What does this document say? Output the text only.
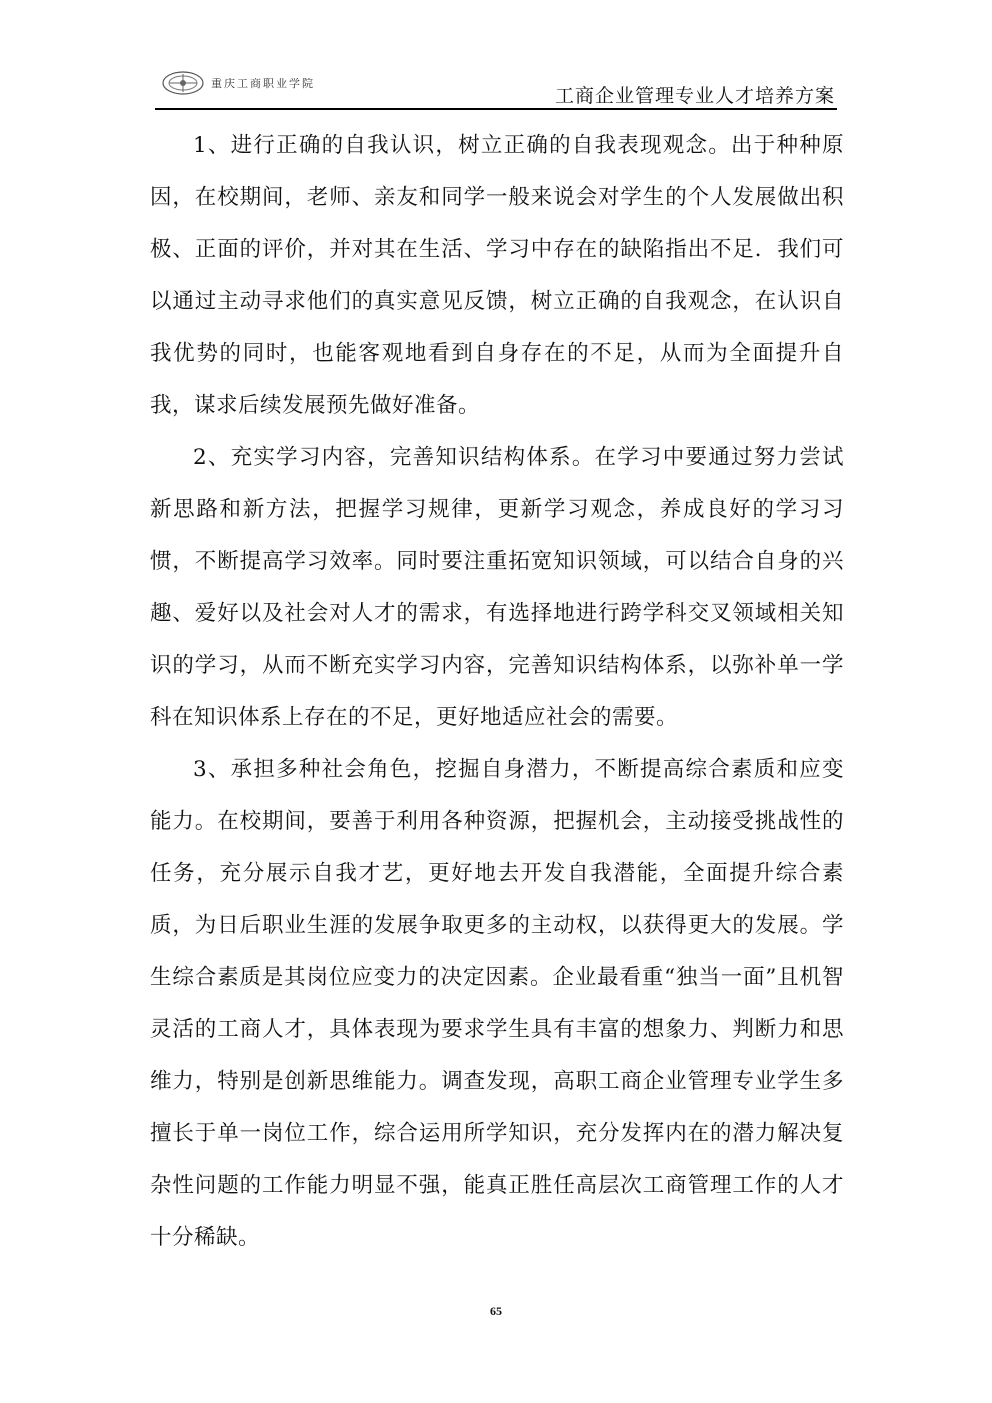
重庆工商职业学院
工商企业管理专业人才培养方案

1、进行正确的自我认识，树立正确的自我表现观念。出于种种原因，在校期间，老师、亲友和同学一般来说会对学生的个人发展做出积极、正面的评价，并对其在生活、学习中存在的缺陷指出不足．我们可以通过主动寻求他们的真实意见反馈，树立正确的自我观念，在认识自我优势的同时，也能客观地看到自身存在的不足，从而为全面提升自我，谋求后续发展预先做好准备。

2、充实学习内容，完善知识结构体系。在学习中要通过努力尝试新思路和新方法，把握学习规律，更新学习观念，养成良好的学习习惯，不断提高学习效率。同时要注重拓宽知识领域，可以结合自身的兴趣、爱好以及社会对人才的需求，有选择地进行跨学科交叉领域相关知识的学习，从而不断充实学习内容，完善知识结构体系，以弥补单一学科在知识体系上存在的不足，更好地适应社会的需要。

3、承担多种社会角色，挖掘自身潜力，不断提高综合素质和应变能力。在校期间，要善于利用各种资源，把握机会，主动接受挑战性的任务，充分展示自我才艺，更好地去开发自我潜能，全面提升综合素质，为日后职业生涯的发展争取更多的主动权，以获得更大的发展。学生综合素质是其岗位应变力的决定因素。企业最看重“独当一面”且机智灵活的工商人才，具体表现为要求学生具有丰富的想象力、判断力和思维力，特别是创新思维能力。调查发现，高职工商企业管理专业学生多擅长于单一岗位工作，综合运用所学知识，充分发挥内在的潜力解决复杂性问题的工作能力明显不强，能真正胜任高层次工商管理工作的人才十分稀缺。

65
